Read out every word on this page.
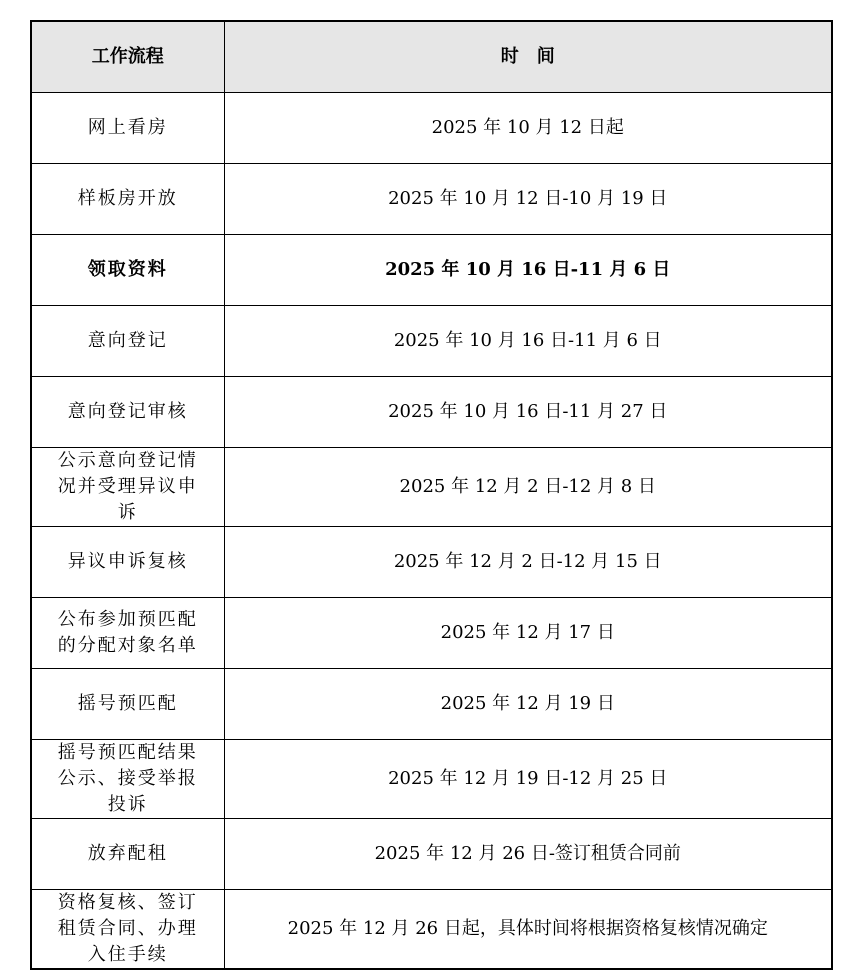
工作流程	时　间
网上看房	2025 年 10 月 12 日起
样板房开放	2025 年 10 月 12 日-10 月 19 日
领取资料	2025 年 10 月 16 日-11 月 6 日
意向登记	2025 年 10 月 16 日-11 月 6 日
意向登记审核	2025 年 10 月 16 日-11 月 27 日
公示意向登记情况并受理异议申诉	2025 年 12 月 2 日-12 月 8 日
异议申诉复核	2025 年 12 月 2 日-12 月 15 日
公布参加预匹配的分配对象名单	2025 年 12 月 17 日
摇号预匹配	2025 年 12 月 19 日
摇号预匹配结果公示、接受举报投诉	2025 年 12 月 19 日-12 月 25 日
放弃配租	2025 年 12 月 26 日-签订租赁合同前
资格复核、签订租赁合同、办理入住手续	2025 年 12 月 26 日起，具体时间将根据资格复核情况确定
